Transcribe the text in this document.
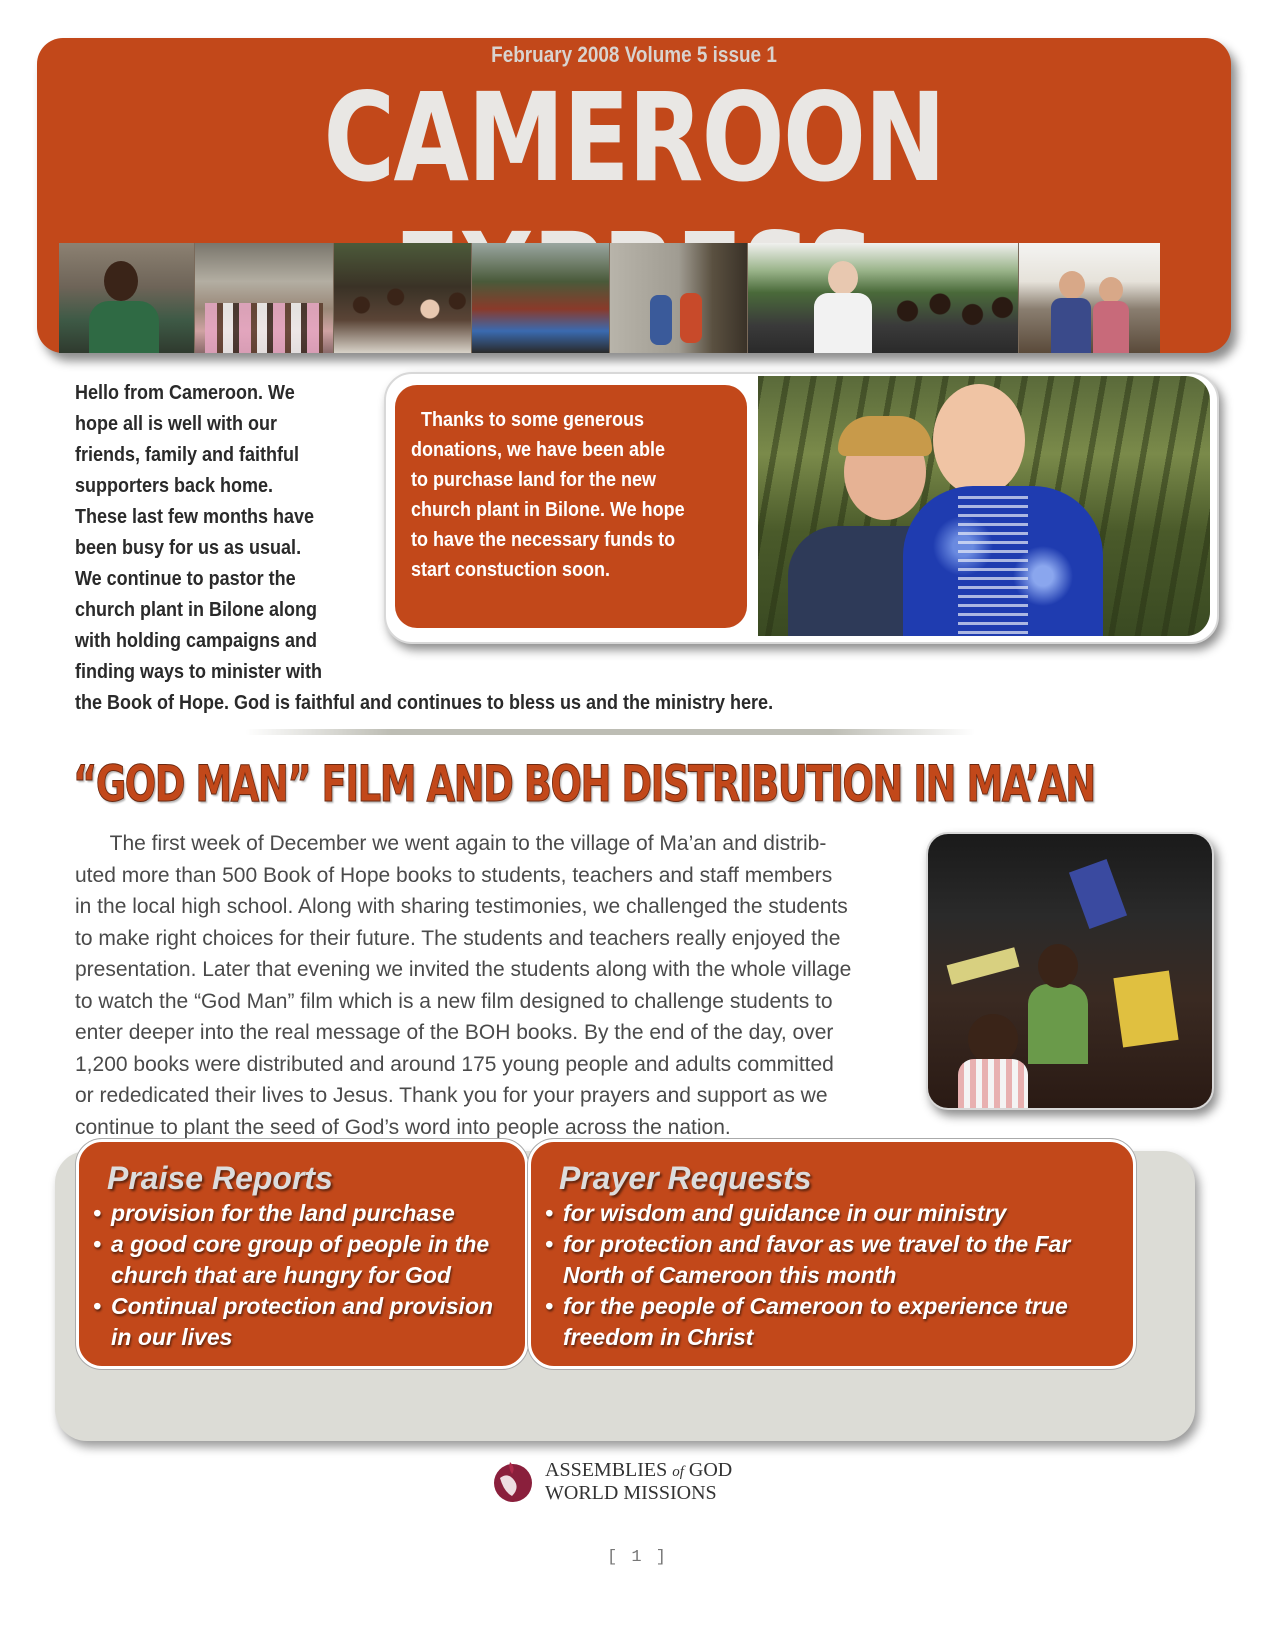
February 2008 Volume 5 issue 1
CAMEROON
Thanks to some generous
donations, we have been able
to purchase land for the new
church plant in Bilone. We hope
to have the necessary funds to
start constuction soon.
Hello from Cameroon. We
hope all is well with our
friends, family and faithful
supporters back home.
These last few months have
been busy for us as usual.
We continue to pastor the
church plant in Bilone along
with holding campaigns and
finding ways to minister with
the Book of Hope. God is faithful and continues to bless us and the ministry here.
“GOD MAN” FILM AND BOH DISTRIBUTION IN MA’AN
The first week of December we went again to the village of Ma’an and distrib-
uted more than 500 Book of Hope books to students, teachers and staff members
in the local high school. Along with sharing testimonies, we challenged the students
to make right choices for their future. The students and teachers really enjoyed the
presentation. Later that evening we invited the students along with the whole village
to watch the “God Man” film which is a new film designed to challenge students to
enter deeper into the real message of the BOH books. By the end of the day, over
1,200 books were distributed and around 175 young people and adults committed
or rededicated their lives to Jesus. Thank you for your prayers and support as we
continue to plant the seed of God’s word into people across the nation.
Praise Reports
• provision for the land purchase
• a good core group of people in the
church that are hungry for God
• Continual protection and provision
in our lives
Prayer Requests
• for wisdom and guidance in our ministry
• for protection and favor as we travel to the Far
North of Cameroon this month
• for the people of Cameroon to experience true
freedom in Christ
ASSEMBLIES of GOD
WORLD MISSIONS
[ 1 ]
